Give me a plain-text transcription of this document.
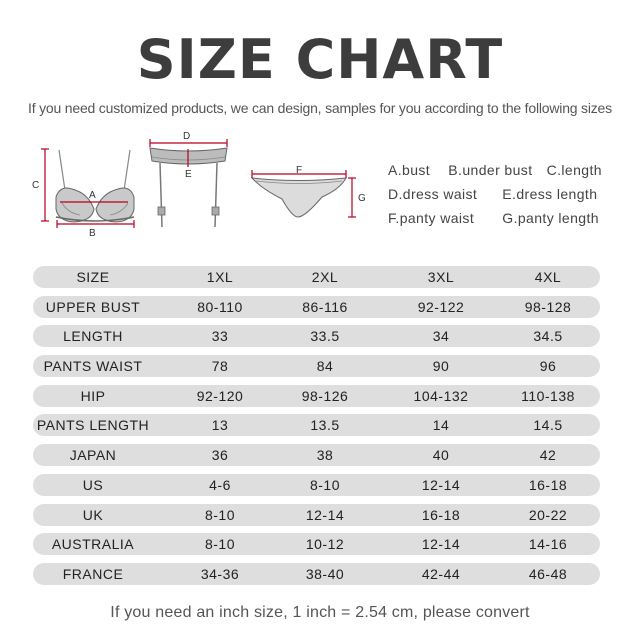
SIZE CHART
If you need customized products, we can design, samples for you according to the following sizes
C
A
B
D
E	F
G
A.bust B.under bust C.length
D.dress waist E.dress length
F.panty waist G.panty length
SIZE	1XL	2XL	3XL	4XL
UPPER BUST	80-110	86-116	92-122	98-128
LENGTH	33	33.5	34	34.5
PANTS WAIST	78	84	90	96
HIP	92-120	98-126	104-132	110-138
PANTS LENGTH	13	13.5	14	14.5
JAPAN	36	38	40	42
US	4-6	8-10	12-14	16-18
UK	8-10	12-14	16-18	20-22
AUSTRALIA	8-10	10-12	12-14	14-16
FRANCE	34-36	38-40	42-44	46-48
If you need an inch size, 1 inch = 2.54 cm, please convert
